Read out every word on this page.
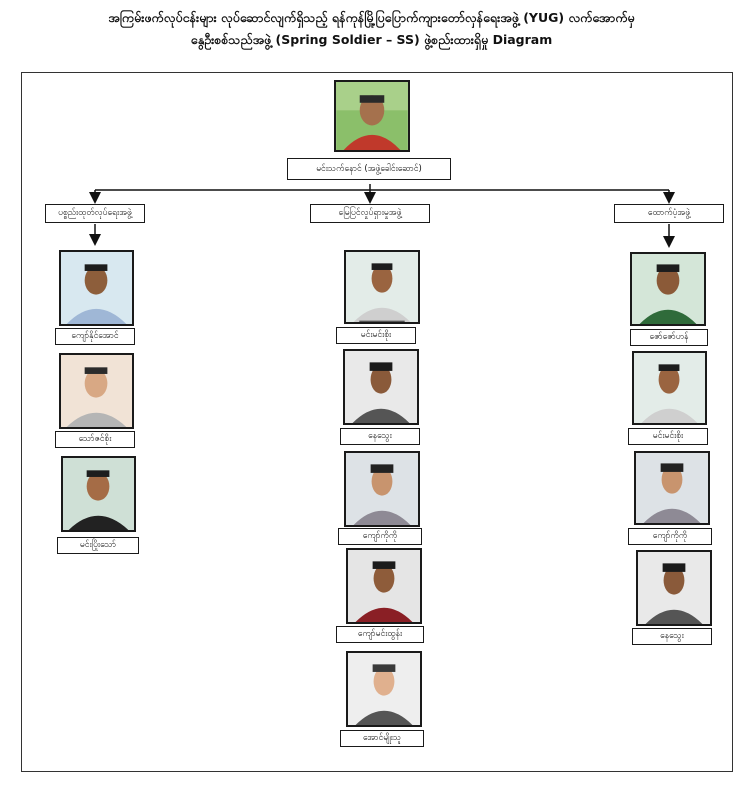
အကြမ်းဖက်လုပ်ငန်းများ လုပ်ဆောင်လျက်ရှိသည့် ရန်ကုန်မြို့ပြပြောက်ကျားတော်လှန်ရေးအဖွဲ့ (YUG) လက်အောက်မှ
နွေဦးစစ်သည်အဖွဲ့ (Spring Soldier – SS) ဖွဲ့စည်းထားရှိမှု Diagram
မင်းသက်နောင် (အဖွဲ့ခေါင်းဆောင်)
ပစ္စည်းထုတ်လုပ်ရေးအဖွဲ့	မြေပြင်လှုပ်ရှားမှုအဖွဲ့	ထောက်ပံ့အဖွဲ့
ကျော်နိုင်အောင်
သော်ဇင်စိုး
မင်းပြိုးသော်
မင်းမင်းစိုး
နေသွေး
ကျော်ကိုကို
ကျော်မင်းထွန်း
အောင်မျိုးသူ
ဇော်ဇော်ဟန်
မင်းမင်းစိုး
ကျော်ကိုကို
နေသွေး
